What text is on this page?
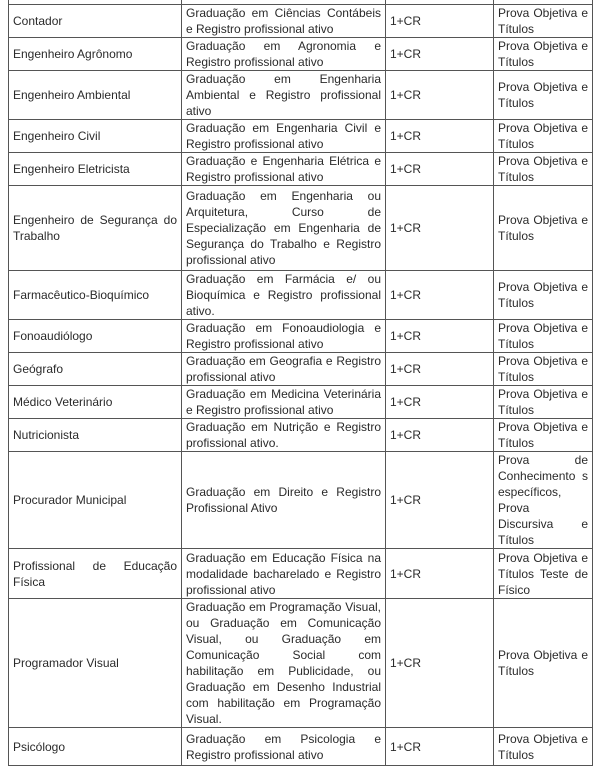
Contador	Graduação em Ciências Contábeis e Registro profissional ativo	1+CR	Prova Objetiva e Títulos
Engenheiro Agrônomo	Graduação em Agronomia e Registro profissional ativo	1+CR	Prova Objetiva e Títulos
Engenheiro Ambiental	Graduação em Engenharia Ambiental e Registro profissional ativo	1+CR	Prova Objetiva e Títulos
Engenheiro Civil	Graduação em Engenharia Civil e Registro profissional ativo	1+CR	Prova Objetiva e Títulos
Engenheiro Eletricista	Graduação e Engenharia Elétrica e Registro profissional ativo	1+CR	Prova Objetiva e Títulos
Engenheiro de Segurança do Trabalho	Graduação em Engenharia ou Arquitetura, Curso de Especialização em Engenharia de Segurança do Trabalho e Registro profissional ativo	1+CR	Prova Objetiva e Títulos
Farmacêutico-Bioquímico	Graduação em Farmácia e/ ou Bioquímica e Registro profissional ativo.	1+CR	Prova Objetiva e Títulos
Fonoaudiólogo	Graduação em Fonoaudiologia e Registro profissional ativo	1+CR	Prova Objetiva e Títulos
Geógrafo	Graduação em Geografia e Registro profissional ativo	1+CR	Prova Objetiva e Títulos
Médico Veterinário	Graduação em Medicina Veterinária e Registro profissional ativo	1+CR	Prova Objetiva e Títulos
Nutricionista	Graduação em Nutrição e Registro profissional ativo.	1+CR	Prova Objetiva e Títulos
Procurador Municipal	Graduação em Direito e Registro Profissional Ativo	1+CR	Prova de Conhecimento s específicos, Prova Discursiva e Títulos
Profissional de Educação Física	Graduação em Educação Física na modalidade bacharelado e Registro profissional ativo	1+CR	Prova Objetiva e Títulos Teste de Físico
Programador Visual	Graduação em Programação Visual, ou Graduação em Comunicação Visual, ou Graduação em Comunicação Social com habilitação em Publicidade, ou Graduação em Desenho Industrial com habilitação em Programação Visual.	1+CR	Prova Objetiva e Títulos
Psicólogo	Graduação em Psicologia e Registro profissional ativo	1+CR	Prova Objetiva e Títulos
